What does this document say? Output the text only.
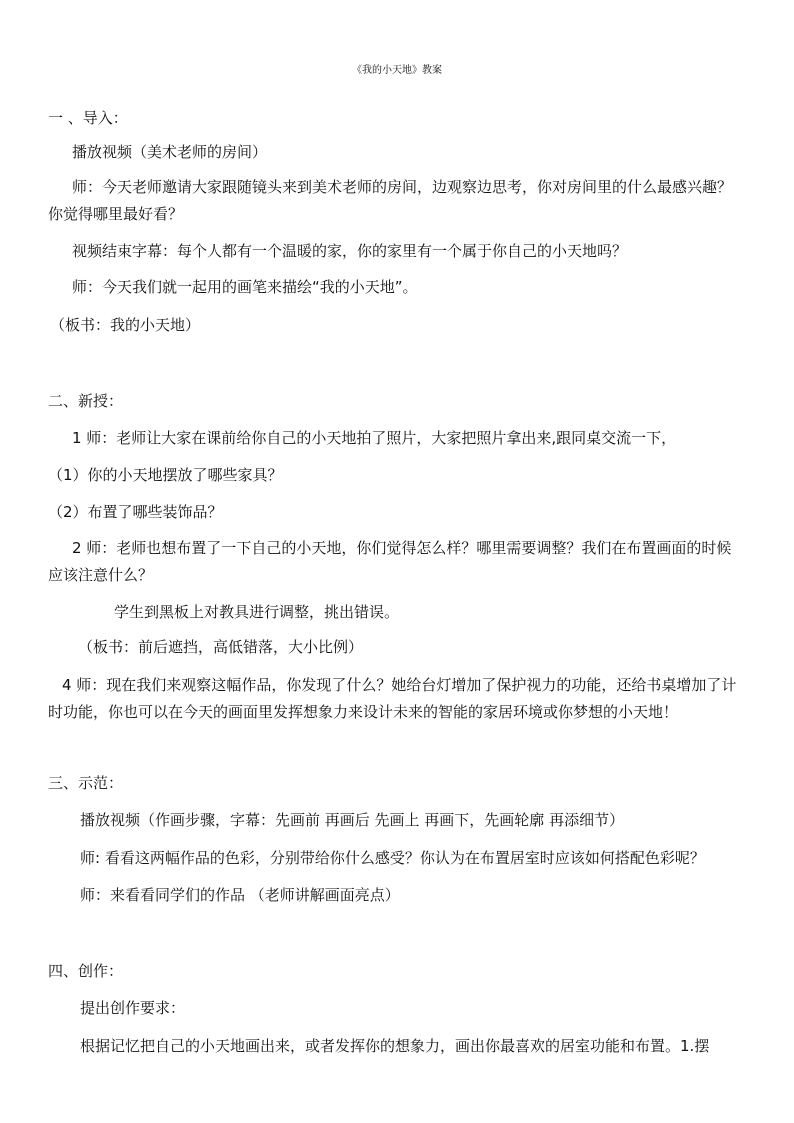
《我的小天地》教案
一 、导入：
播放视频（美术老师的房间）
师：今天老师邀请大家跟随镜头来到美术老师的房间，边观察边思考，你对房间里的什么最感兴趣？你觉得哪里最好看？
视频结束字幕：每个人都有一个温暖的家，你的家里有一个属于你自己的小天地吗？
师：今天我们就一起用的画笔来描绘“我的小天地”。
（板书：我的小天地）
二、新授：
1 师：老师让大家在课前给你自己的小天地拍了照片，大家把照片拿出来,跟同桌交流一下，
（1）你的小天地摆放了哪些家具？
（2）布置了哪些装饰品？
2 师：老师也想布置了一下自己的小天地，你们觉得怎么样？哪里需要调整？我们在布置画面的时候应该注意什么？
学生到黑板上对教具进行调整，挑出错误。
（板书：前后遮挡，高低错落，大小比例）
4 师：现在我们来观察这幅作品，你发现了什么？她给台灯增加了保护视力的功能，还给书桌增加了计时功能，你也可以在今天的画面里发挥想象力来设计未来的智能的家居环境或你梦想的小天地！
三、示范：
播放视频（作画步骤，字幕：先画前 再画后 先画上 再画下，先画轮廓 再添细节）
师: 看看这两幅作品的色彩，分别带给你什么感受？你认为在布置居室时应该如何搭配色彩呢？
师：来看看同学们的作品 （老师讲解画面亮点）
四、创作：
提出创作要求：
根据记忆把自己的小天地画出来，或者发挥你的想象力，画出你最喜欢的居室功能和布置。1.摆
